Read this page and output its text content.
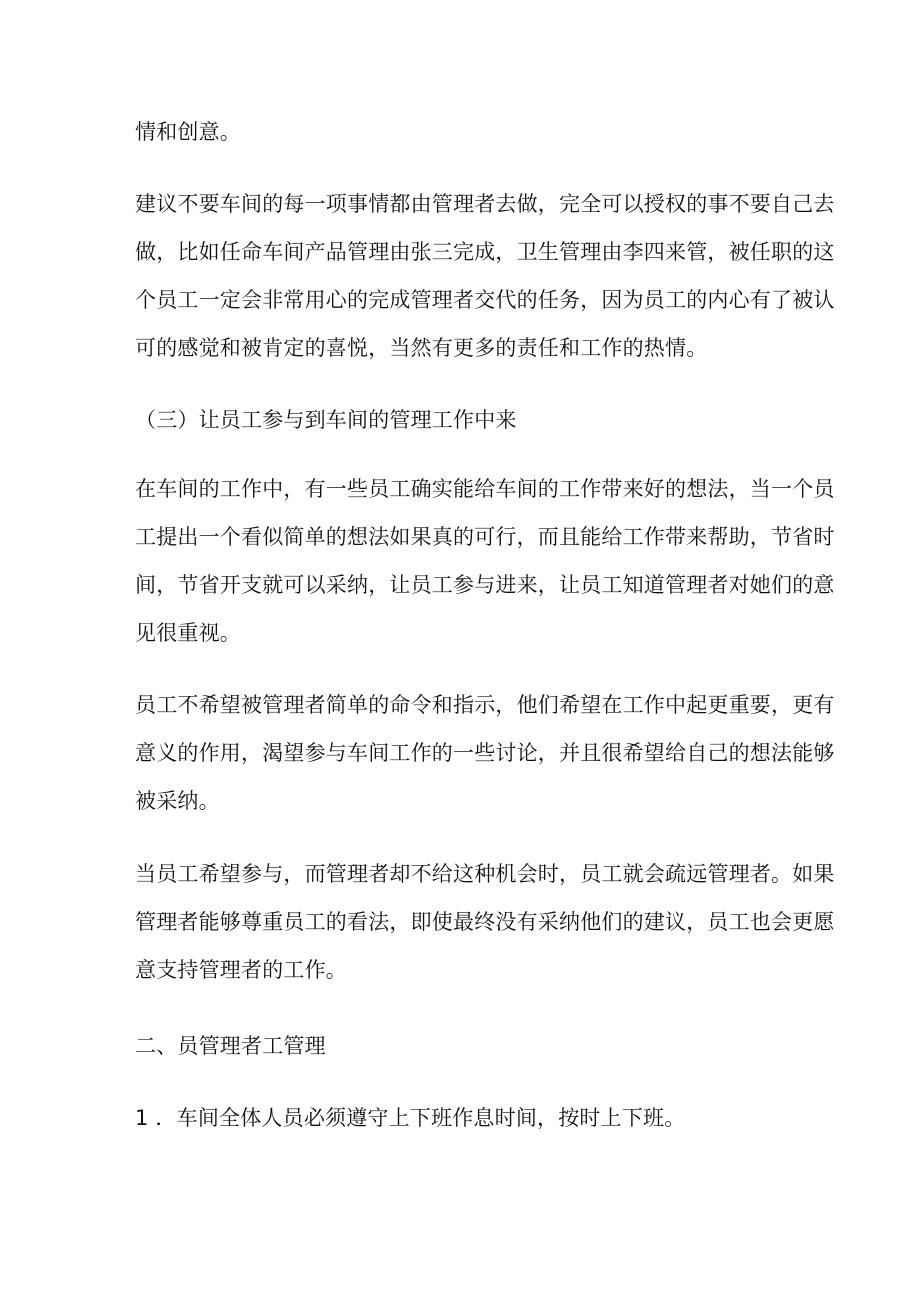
情和创意。

建议不要车间的每一项事情都由管理者去做，完全可以授权的事不要自己去
做，比如任命车间产品管理由张三完成，卫生管理由李四来管，被任职的这
个员工一定会非常用心的完成管理者交代的任务，因为员工的内心有了被认
可的感觉和被肯定的喜悦，当然有更多的责任和工作的热情。

（三）让员工参与到车间的管理工作中来

在车间的工作中，有一些员工确实能给车间的工作带来好的想法，当一个员
工提出一个看似简单的想法如果真的可行，而且能给工作带来帮助，节省时
间，节省开支就可以采纳，让员工参与进来，让员工知道管理者对她们的意
见很重视。

员工不希望被管理者简单的命令和指示，他们希望在工作中起更重要，更有
意义的作用，渴望参与车间工作的一些讨论，并且很希望给自己的想法能够
被采纳。

当员工希望参与，而管理者却不给这种机会时，员工就会疏远管理者。如果
管理者能够尊重员工的看法，即使最终没有采纳他们的建议，员工也会更愿
意支持管理者的工作。

二、员管理者工管理

1 ．车间全体人员必须遵守上下班作息时间，按时上下班。
